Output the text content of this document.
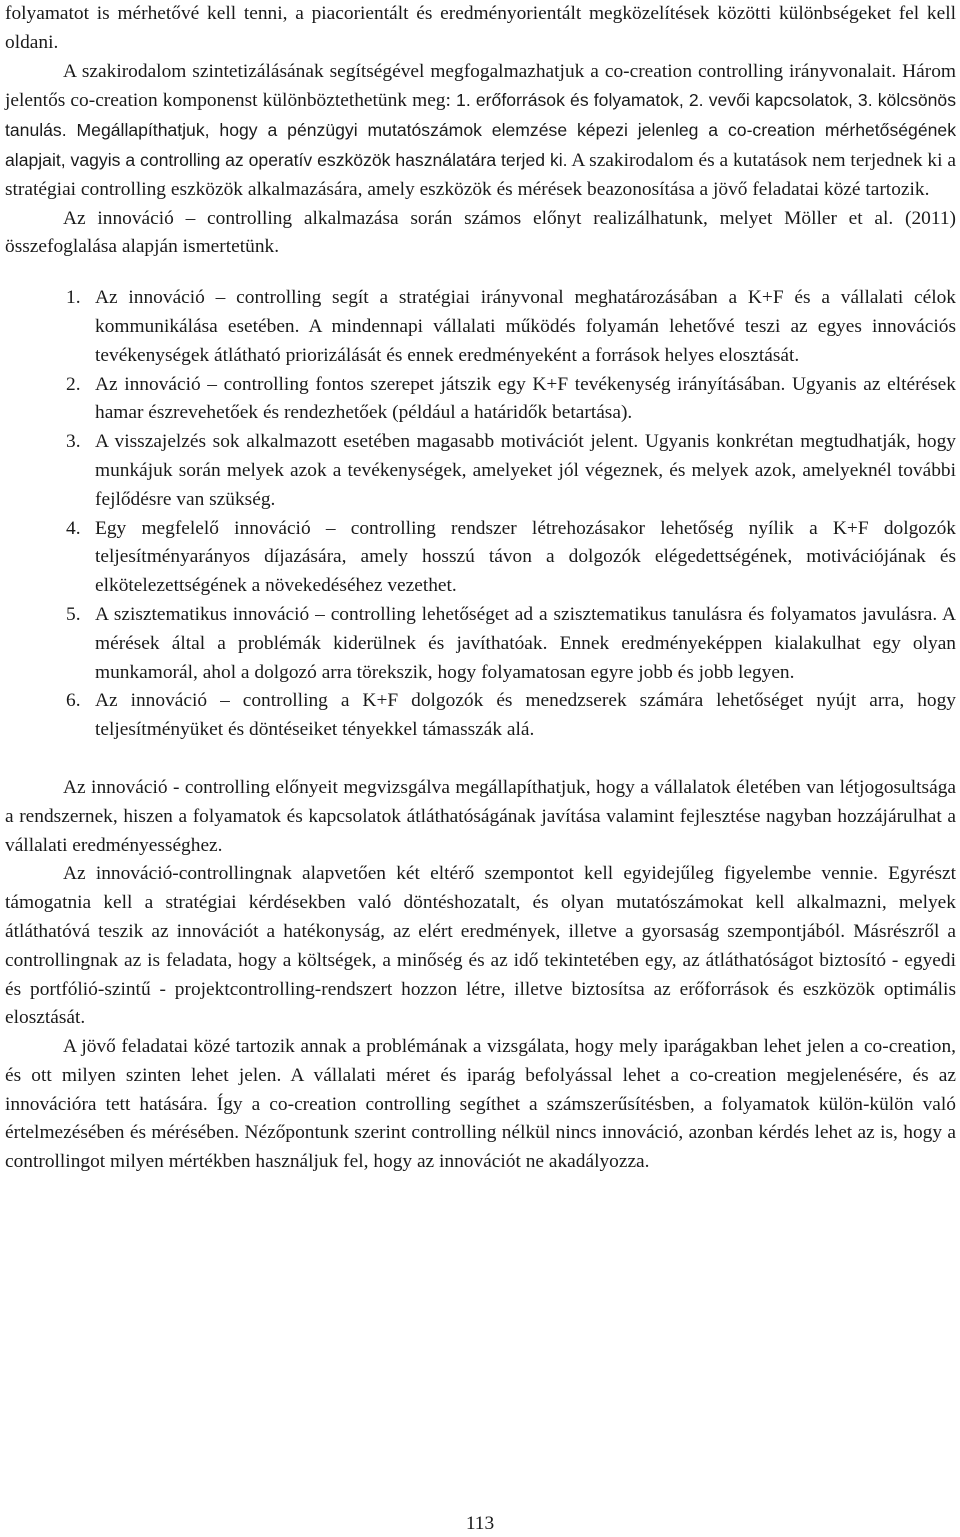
folyamatot is mérhetővé kell tenni, a piacorientált és eredményorientált megközelítések közötti különbségeket fel kell oldani.

A szakirodalom szintetizálásának segítségével megfogalmazhatjuk a co-creation controlling irányvonalait. Három jelentős co-creation komponenst különböztethetünk meg: 1. erőforrások és folyamatok, 2. vevői kapcsolatok, 3. kölcsönös tanulás. Megállapíthatjuk, hogy a pénzügyi mutatószámok elemzése képezi jelenleg a co-creation mérhetőségének alapjait, vagyis a controlling az operatív eszközök használatára terjed ki. A szakirodalom és a kutatások nem terjednek ki a stratégiai controlling eszközök alkalmazására, amely eszközök és mérések beazonosítása a jövő feladatai közé tartozik.

Az innováció – controlling alkalmazása során számos előnyt realizálhatunk, melyet Möller et al. (2011) összefoglalása alapján ismertetünk.

1. Az innováció – controlling segít a stratégiai irányvonal meghatározásában a K+F és a vállalati célok kommunikálása esetében. A mindennapi vállalati működés folyamán lehetővé teszi az egyes innovációs tevékenységek átlátható priorizálását és ennek eredményeként a források helyes elosztását.
2. Az innováció – controlling fontos szerepet játszik egy K+F tevékenység irányításában. Ugyanis az eltérések hamar észrevehetőek és rendezhetőek (például a határidők betartása).
3. A visszajelzés sok alkalmazott esetében magasabb motivációt jelent. Ugyanis konkrétan megtudhatják, hogy munkájuk során melyek azok a tevékenységek, amelyeket jól végeznek, és melyek azok, amelyeknél további fejlődésre van szükség.
4. Egy megfelelő innováció – controlling rendszer létrehozásakor lehetőség nyílik a K+F dolgozók teljesítményarányos díjazására, amely hosszú távon a dolgozók elégedettségének, motivációjának és elkötelezettségének a növekedéséhez vezethet.
5. A szisztematikus innováció – controlling lehetőséget ad a szisztematikus tanulásra és folyamatos javulásra. A mérések által a problémák kiderülnek és javíthatóak. Ennek eredményeképpen kialakulhat egy olyan munkamorál, ahol a dolgozó arra törekszik, hogy folyamatosan egyre jobb és jobb legyen.
6. Az innováció – controlling a K+F dolgozók és menedzserek számára lehetőséget nyújt arra, hogy teljesítményüket és döntéseiket tényekkel támasszák alá.

Az innováció - controlling előnyeit megvizsgálva megállapíthatjuk, hogy a vállalatok életében van létjogosultsága a rendszernek, hiszen a folyamatok és kapcsolatok átláthatóságának javítása valamint fejlesztése nagyban hozzájárulhat a vállalati eredményességhez.

Az innováció-controllingnak alapvetően két eltérő szempontot kell egyidejűleg figyelembe vennie. Egyrészt támogatnia kell a stratégiai kérdésekben való döntéshozatalt, és olyan mutatószámokat kell alkalmazni, melyek átláthatóvá teszik az innovációt a hatékonyság, az elért eredmények, illetve a gyorsaság szempontjából. Másrészről a controllingnak az is feladata, hogy a költségek, a minőség és az idő tekintetében egy, az átláthatóságot biztosító - egyedi és portfólió-szintű - projektcontrolling-rendszert hozzon létre, illetve biztosítsa az erőforrások és eszközök optimális elosztását.

A jövő feladatai közé tartozik annak a problémának a vizsgálata, hogy mely iparágakban lehet jelen a co-creation, és ott milyen szinten lehet jelen. A vállalati méret és iparág befolyással lehet a co-creation megjelenésére, és az innovációra tett hatására. Így a co-creation controlling segíthet a számszerűsítésben, a folyamatok külön-külön való értelmezésében és mérésében. Nézőpontunk szerint controlling nélkül nincs innováció, azonban kérdés lehet az is, hogy a controllingot milyen mértékben használjuk fel, hogy az innovációt ne akadályozza.

113
